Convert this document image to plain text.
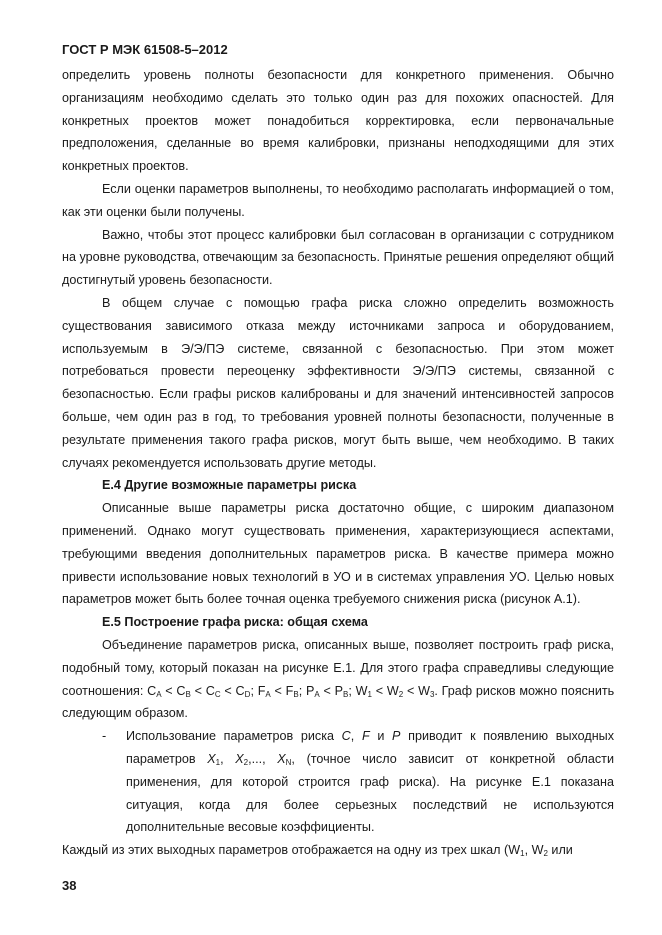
ГОСТ Р МЭК 61508-5–2012

определить уровень полноты безопасности для конкретного применения. Обычно организациям необходимо сделать это только один раз для похожих опасностей. Для конкретных проектов может понадобиться корректировка, если первоначальные предположения, сделанные во время калибровки, признаны неподходящими для этих конкретных проектов.

Если оценки параметров выполнены, то необходимо располагать информацией о том, как эти оценки были получены.

Важно, чтобы этот процесс калибровки был согласован в организации с сотрудником на уровне руководства, отвечающим за безопасность. Принятые решения определяют общий достигнутый уровень безопасности.

В общем случае с помощью графа риска сложно определить возможность существования зависимого отказа между источниками запроса и оборудованием, используемым в Э/Э/ПЭ системе, связанной с безопасностью. При этом может потребоваться провести переоценку эффективности Э/Э/ПЭ системы, связанной с безопасностью. Если графы рисков калиброваны и для значений интенсивностей запросов больше, чем один раз в год, то требования уровней полноты безопасности, полученные в результате применения такого графа рисков, могут быть выше, чем необходимо. В таких случаях рекомендуется использовать другие методы.

Е.4 Другие возможные параметры риска

Описанные выше параметры риска достаточно общие, с широким диапазоном применений. Однако могут существовать применения, характеризующиеся аспектами, требующими введения дополнительных параметров риска. В качестве примера можно привести использование новых технологий в УО и в системах управления УО. Целью новых параметров может быть более точная оценка требуемого снижения риска (рисунок А.1).

Е.5 Построение графа риска: общая схема

Объединение параметров риска, описанных выше, позволяет построить граф риска, подобный тому, который показан на рисунке Е.1. Для этого графа справедливы следующие соотношения: $C_A < C_B < C_C < C_D$; $F_A < F_B$; $P_A < P_B$; $W_1 < W_2 < W_3$. Граф рисков можно пояснить следующим образом.

-	Использование параметров риска C, F и P приводит к появлению выходных параметров $X_1$, $X_2$,..., $X_N$, (точное число зависит от конкретной области применения, для которой строится граф риска). На рисунке Е.1 показана ситуация, когда для более серьезных последствий не используются дополнительные весовые коэффициенты.

Каждый из этих выходных параметров отображается на одну из трех шкал ($W_1$, $W_2$ или

38
